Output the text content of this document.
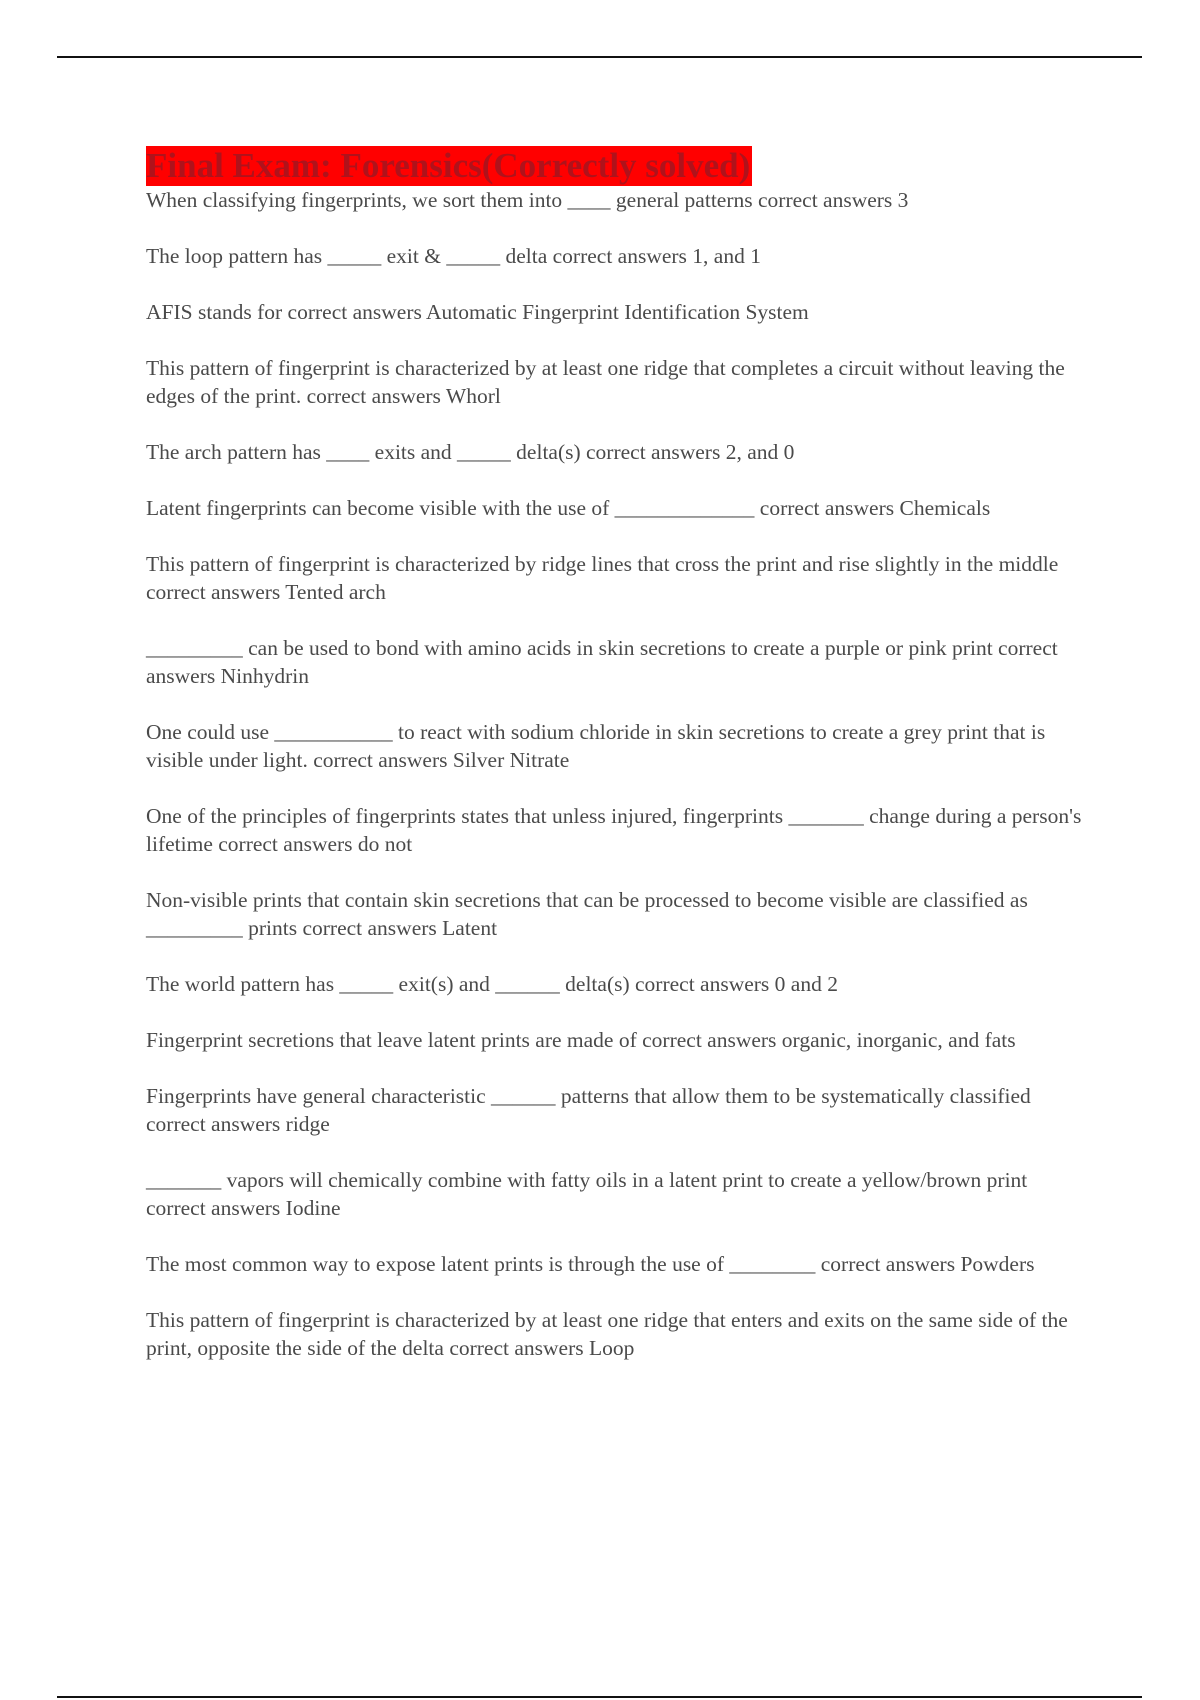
Final Exam: Forensics(Correctly solved)
When classifying fingerprints, we sort them into ____ general patterns correct answers 3
The loop pattern has _____ exit & _____ delta correct answers 1, and 1
AFIS stands for correct answers Automatic Fingerprint Identification System
This pattern of fingerprint is characterized by at least one ridge that completes a circuit without leaving the edges of the print. correct answers Whorl
The arch pattern has ____ exits and _____ delta(s) correct answers 2, and 0
Latent fingerprints can become visible with the use of _____________ correct answers Chemicals
This pattern of fingerprint is characterized by ridge lines that cross the print and rise slightly in the middle correct answers Tented arch
_________ can be used to bond with amino acids in skin secretions to create a purple or pink print correct answers Ninhydrin
One could use ___________ to react with sodium chloride in skin secretions to create a grey print that is visible under light. correct answers Silver Nitrate
One of the principles of fingerprints states that unless injured, fingerprints _______ change during a person's lifetime correct answers do not
Non-visible prints that contain skin secretions that can be processed to become visible are classified as _________ prints correct answers Latent
The world pattern has _____ exit(s) and ______ delta(s) correct answers 0 and 2
Fingerprint secretions that leave latent prints are made of correct answers organic, inorganic, and fats
Fingerprints have general characteristic ______ patterns that allow them to be systematically classified correct answers ridge
_______ vapors will chemically combine with fatty oils in a latent print to create a yellow/brown print correct answers Iodine
The most common way to expose latent prints is through the use of ________ correct answers Powders
This pattern of fingerprint is characterized by at least one ridge that enters and exits on the same side of the print, opposite the side of the delta correct answers Loop
